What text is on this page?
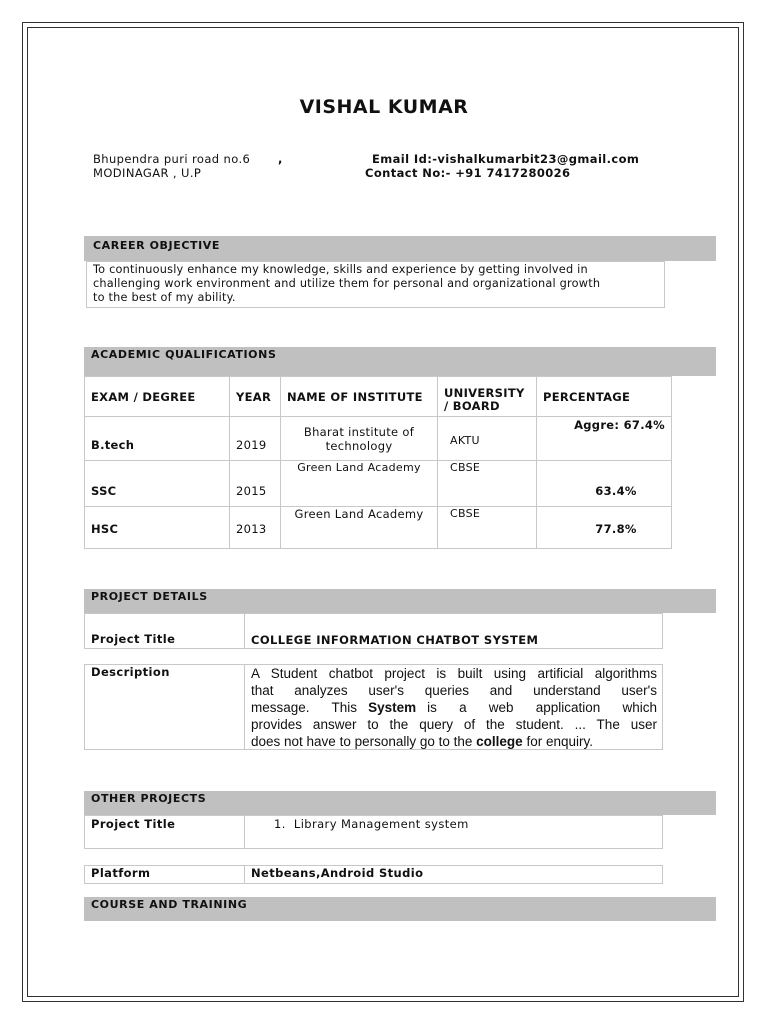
VISHAL KUMAR
Bhupendra puri road no.6 ,
MODINAGAR , U.P
Email Id:-vishalkumarbit23@gmail.com
Contact No:- +91 7417280026
CAREER OBJECTIVE
To continuously enhance my knowledge, skills and experience by getting involved in
challenging work environment and utilize them for personal and organizational growth
to the best of my ability.
ACADEMIC QUALIFICATIONS
EXAM / DEGREE	YEAR	NAME OF INSTITUTE	UNIVERSITY
/ BOARD	PERCENTAGE
B.tech	2019	Bharat institute of
technology	AKTU	Aggre: 67.4%
SSC	2015	Green Land Academy	CBSE	63.4%
HSC	2013	Green Land Academy	CBSE	77.8%
PROJECT DETAILS
Project Title	COLLEGE INFORMATION CHATBOT SYSTEM
Description	A Student chatbot project is built using artificial algorithms
that analyzes user's queries and understand user's
message.  This System is  a  web  application  which
provides answer to the query of the student. ... The user
does not have to personally go to the college for enquiry.
OTHER PROJECTS
Project Title	1.  Library Management system
Platform	Netbeans,Android Studio
COURSE AND TRAINING
